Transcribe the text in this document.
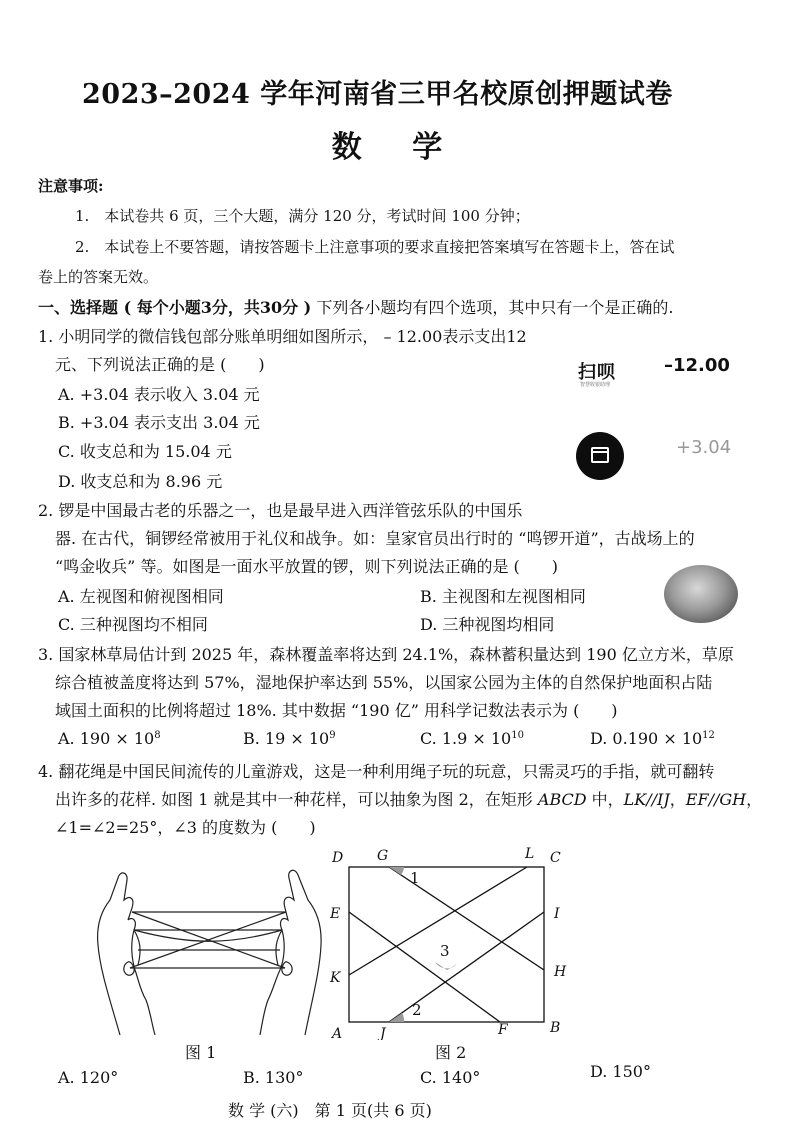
2023–2024 学年河南省三甲名校原创押题试卷
数 学
注意事项:
1.　本试卷共 6 页，三个大题，满分 120 分，考试时间 100 分钟；
2.　本试卷上不要答题，请按答题卡上注意事项的要求直接把答案填写在答题卡上，答在试
卷上的答案无效。
一、选择题 ( 每个小题3分，共30分 ) 下列各小题均有四个选项，其中只有一个是正确的.
1. 小明同学的微信钱包部分账单明细如图所示， – 12.00表示支出12
元、下列说法正确的是 (　　)
A. +3.04 表示收入 3.04 元
B. +3.04 表示支出 3.04 元
C. 收支总和为 15.04 元
D. 收支总和为 8.96 元
扫呗
智慧收银助理
–12.00
+3.04
2. 锣是中国最古老的乐器之一，也是最早进入西洋管弦乐队的中国乐
器. 在古代，铜锣经常被用于礼仪和战争。如：皇家官员出行时的 “鸣锣开道”，古战场上的
“鸣金收兵” 等。如图是一面水平放置的锣，则下列说法正确的是 (　　)
A. 左视图和俯视图相同	B. 主视图和左视图相同
C. 三种视图均不相同	D. 三种视图均相同
3. 国家林草局估计到 2025 年，森林覆盖率将达到 24.1%，森林蓄积量达到 190 亿立方米，草原
综合植被盖度将达到 57%，湿地保护率达到 55%，以国家公园为主体的自然保护地面积占陆
域国土面积的比例将超过 18%. 其中数据 “190 亿” 用科学记数法表示为 (　　)
A. $190 \times 10^8$	B. $19 \times 10^9$	C. $1.9 \times 10^{10}$	D. $0.190 \times 10^{12}$
4. 翻花绳是中国民间流传的儿童游戏，这是一种利用绳子玩的玩意，只需灵巧的手指，就可翻转
出许多的花样. 如图 1 就是其中一种花样，可以抽象为图 2，在矩形 ABCD 中，LK//IJ，EF//GH，
∠1=∠2=25°，∠3 的度数为 (　　)
图 1
D G	L C
E	I
K	H
A	J	F	B
1
2
3
图 2
A. 120°	B. 130°	C. 140°	D. 150°
数 学 (六)　第 1 页(共 6 页)
